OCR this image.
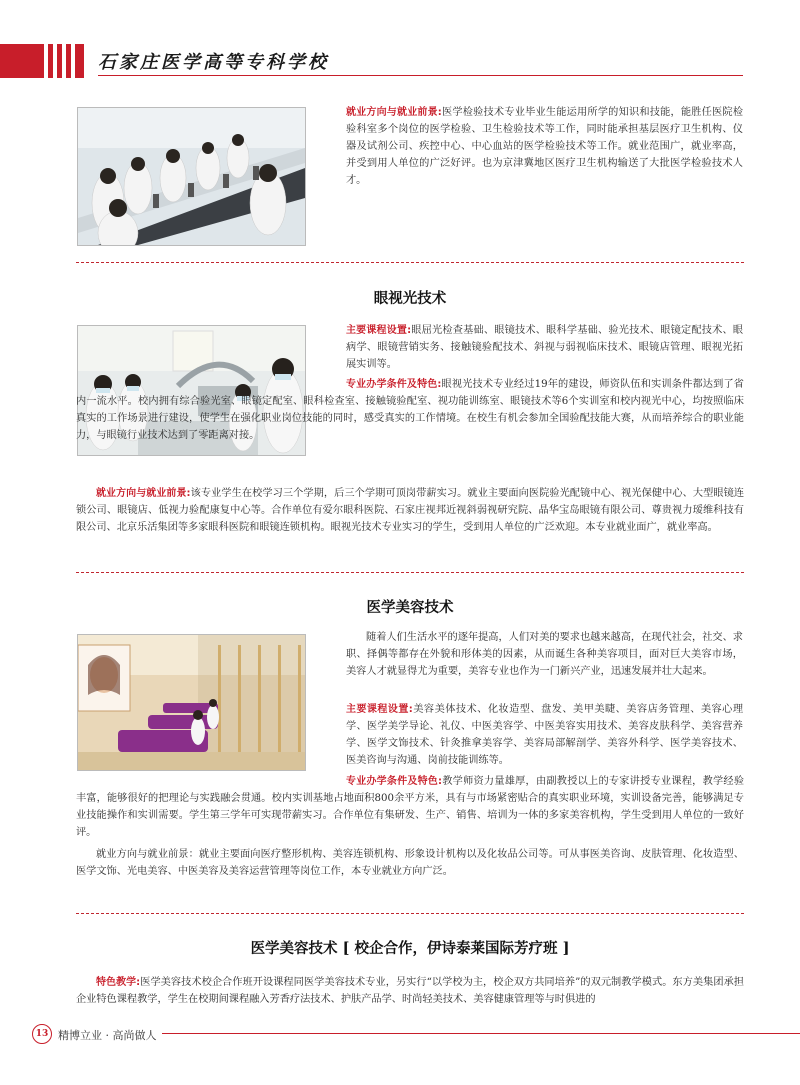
石家庄医学高等专科学校
就业方向与就业前景:医学检验技术专业毕业生能运用所学的知识和技能，能胜任医院检验科室多个岗位的医学检验、卫生检验技术等工作，同时能承担基层医疗卫生机构、仪器及试剂公司、疾控中心、中心血站的医学检验技术等工作。就业范围广，就业率高，并受到用人单位的广泛好评。也为京津冀地区医疗卫生机构输送了大批医学检验技术人才。
眼视光技术
主要课程设置:眼屈光检查基础、眼镜技术、眼科学基础、验光技术、眼镜定配技术、眼病学、眼镜营销实务、接触镜验配技术、斜视与弱视临床技术、眼镜店管理、眼视光拓展实训等。
专业办学条件及特色:眼视光技术专业经过19年的建设，师资队伍和实训条件都达到了省内一流水平。校内拥有综合验光室、眼镜定配室、眼科检查室、接触镜验配室、视功能训练室、眼镜技术等6个实训室和校内视光中心，均按照临床真实的工作场景进行建设，使学生在强化职业岗位技能的同时，感受真实的工作情境。在校生有机会参加全国验配技能大赛，从而培养综合的职业能力，与眼镜行业技术达到了零距离对接。
就业方向与就业前景:该专业学生在校学习三个学期，后三个学期可顶岗带薪实习。就业主要面向医院验光配镜中心、视光保健中心、大型眼镜连锁公司、眼镜店、低视力验配康复中心等。合作单位有爱尔眼科医院、石家庄视邦近视斜弱视研究院、晶华宝岛眼镜有限公司、尊贵视力瑷维科技有限公司、北京乐活集团等多家眼科医院和眼镜连锁机构。眼视光技术专业实习的学生，受到用人单位的广泛欢迎。本专业就业面广，就业率高。
医学美容技术
随着人们生活水平的逐年提高，人们对美的要求也越来越高，在现代社会，社交、求职、择偶等都存在外貌和形体美的因素，从而诞生各种美容项目，面对巨大美容市场，美容人才就显得尤为重要，美容专业也作为一门新兴产业，迅速发展并壮大起来。
主要课程设置:美容美体技术、化妆造型、盘发、美甲美睫、美容店务管理、美容心理学、医学美学导论、礼仪、中医美容学、中医美容实用技术、美容皮肤科学、美容营养学、医学文饰技术、针灸推拿美容学、美容局部解剖学、美容外科学、医学美容技术、医美咨询与沟通、岗前技能训练等。
专业办学条件及特色:教学师资力量雄厚，由副教授以上的专家讲授专业课程，教学经验丰富，能够很好的把理论与实践融会贯通。校内实训基地占地面积800余平方米，具有与市场紧密贴合的真实职业环境，实训设备完善，能够满足专业技能操作和实训需要。学生第三学年可实现带薪实习。合作单位有集研发、生产、销售、培训为一体的多家美容机构，学生受到用人单位的一致好评。
就业方向与就业前景：就业主要面向医疗整形机构、美容连锁机构、形象设计机构以及化妆品公司等。可从事医美咨询、皮肤管理、化妆造型、医学文饰、光电美容、中医美容及美容运营管理等岗位工作，本专业就业方向广泛。
医学美容技术 [ 校企合作，伊诗泰莱国际芳疗班 ]
特色教学:医学美容技术校企合作班开设课程同医学美容技术专业，另实行“以学校为主，校企双方共同培养”的双元制教学模式。东方美集团承担企业特色课程教学，学生在校期间课程融入芳香疗法技术、护肤产品学、时尚轻美技术、美容健康管理等与时俱进的
13 精博立业 · 高尚做人
